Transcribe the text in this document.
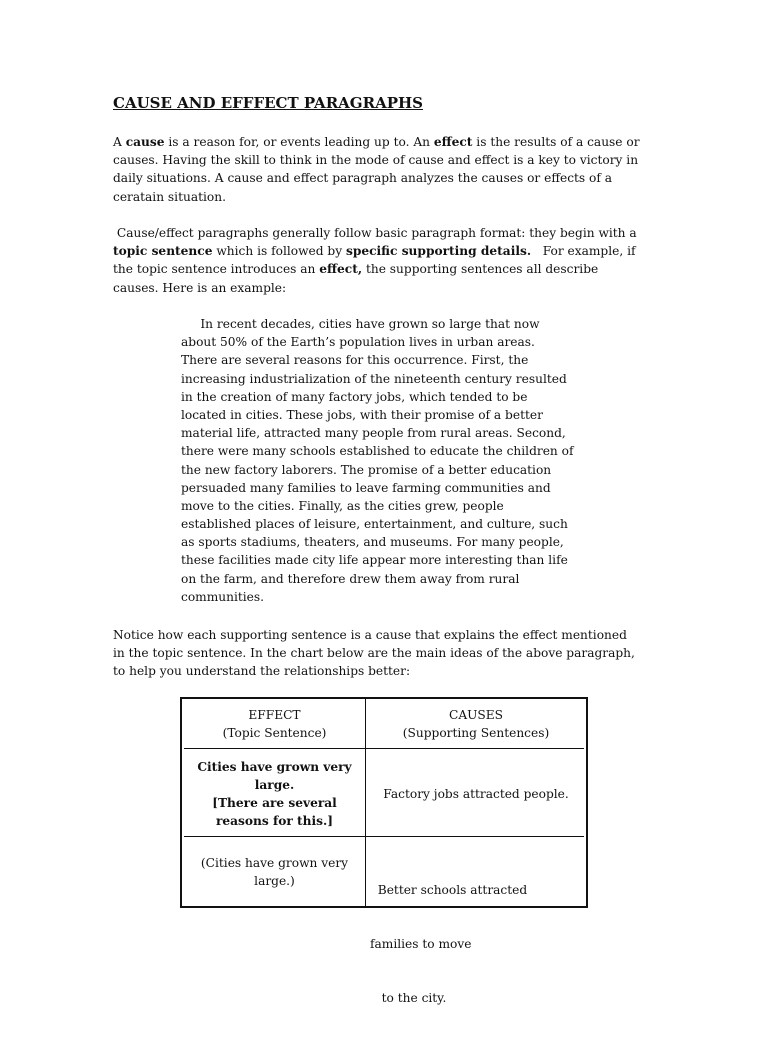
CAUSE AND EFFFECT PARAGRAPHS

A cause is a reason for, or events leading up to. An effect is the results of a cause or
causes. Having the skill to think in the mode of cause and effect is a key to victory in
daily situations. A cause and effect paragraph analyzes the causes or effects of a
ceratain situation.

Cause/effect paragraphs generally follow basic paragraph format: they begin with a
topic sentence which is followed by specific supporting details.   For example, if
the topic sentence introduces an effect, the supporting sentences all describe
causes. Here is an example:

In recent decades, cities have grown so large that now
about 50% of the Earth’s population lives in urban areas.
There are several reasons for this occurrence. First, the
increasing industrialization of the nineteenth century resulted
in the creation of many factory jobs, which tended to be
located in cities. These jobs, with their promise of a better
material life, attracted many people from rural areas. Second,
there were many schools established to educate the children of
the new factory laborers. The promise of a better education
persuaded many families to leave farming communities and
move to the cities. Finally, as the cities grew, people
established places of leisure, entertainment, and culture, such
as sports stadiums, theaters, and museums. For many people,
these facilities made city life appear more interesting than life
on the farm, and therefore drew them away from rural
communities.

Notice how each supporting sentence is a cause that explains the effect mentioned
in the topic sentence. In the chart below are the main ideas of the above paragraph,
to help you understand the relationships better:

EFFECT
(Topic Sentence)
CAUSES
(Supporting Sentences)
Cities have grown very
large.
[There are several
reasons for this.]
Factory jobs attracted people.
(Cities have grown very
large.)

Better schools attracted

families to move

to the city.
